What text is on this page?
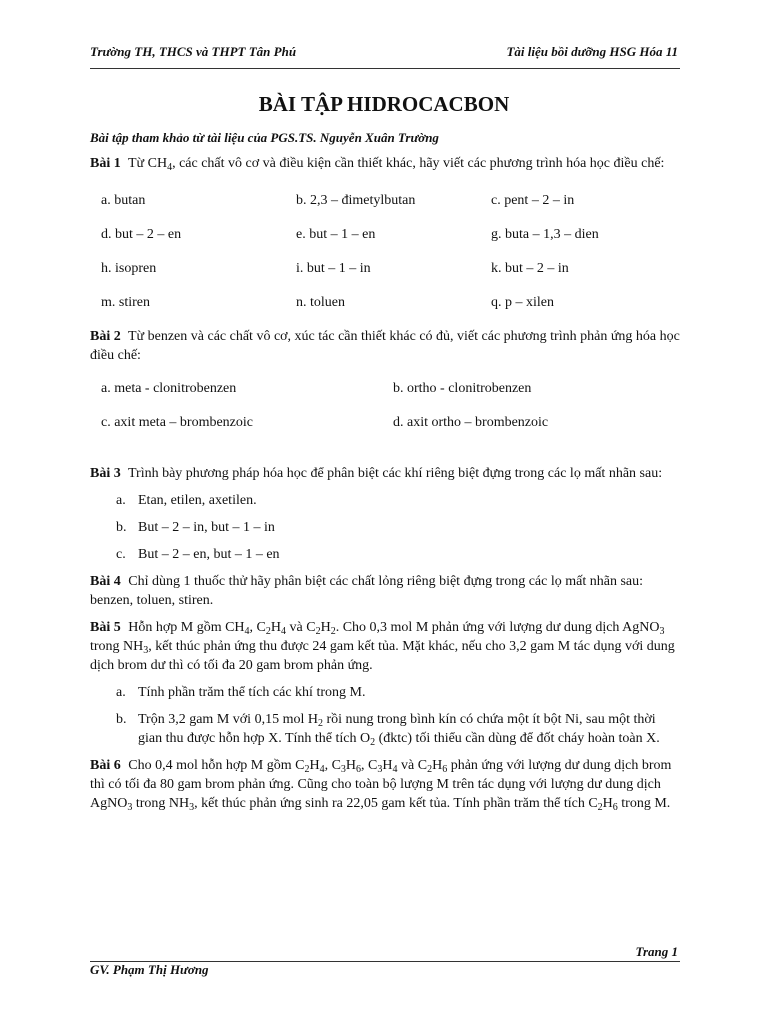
Trường TH, THCS và THPT Tân Phú	Tài liệu bồi dưỡng HSG Hóa 11
BÀI TẬP HIDROCACBON
Bài tập tham khảo từ tài liệu của PGS.TS. Nguyễn Xuân Trường

Bài 1 Từ $CH_4$, các chất vô cơ và điều kiện cần thiết khác, hãy viết các phương trình hóa học điều chế:

a. butan	b. 2,3 – đimetylbutan	c. pent – 2 – in
d. but – 2 – en	e. but – 1 – en	g. buta – 1,3 – dien
h. isopren	i. but – 1 – in	k. but – 2 – in
m. stiren	n. toluen	q. p – xilen

Bài 2 Từ benzen và các chất vô cơ, xúc tác cần thiết khác có đủ, viết các phương trình phản ứng hóa học điều chế:

a. meta - clonitrobenzen	b. ortho - clonitrobenzen
c. axit meta – brombenzoic	d. axit ortho – brombenzoic

Bài 3 Trình bày phương pháp hóa học để phân biệt các khí riêng biệt đựng trong các lọ mất nhãn sau:

a. Etan, etilen, axetilen.
b. But – 2 – in, but – 1 – in
c. But – 2 – en, but – 1 – en

Bài 4 Chỉ dùng 1 thuốc thử hãy phân biệt các chất lỏng riêng biệt đựng trong các lọ mất nhãn sau: benzen, toluen, stiren.

Bài 5 Hỗn hợp M gồm $CH_4$, $C_2H_4$ và $C_2H_2$. Cho 0,3 mol M phản ứng với lượng dư dung dịch AgNO$_3$ trong $NH_3$, kết thúc phản ứng thu được 24 gam kết tủa. Mặt khác, nếu cho 3,2 gam M tác dụng với dung dịch brom dư thì có tối đa 20 gam brom phản ứng.

a. Tính phần trăm thể tích các khí trong M.
b. Trộn 3,2 gam M với 0,15 mol $H_2$ rồi nung trong bình kín có chứa một ít bột Ni, sau một thời gian thu được hỗn hợp X. Tính thể tích $O_2$ (đktc) tối thiểu cần dùng để đốt cháy hoàn toàn X.

Bài 6 Cho 0,4 mol hỗn hợp M gồm $C_2H_4$, $C_3H_6$, $C_3H_4$ và $C_2H_6$ phản ứng với lượng dư dung dịch brom thì có tối đa 80 gam brom phản ứng. Cũng cho toàn bộ lượng M trên tác dụng với lượng dư dung dịch AgNO$_3$ trong $NH_3$, kết thúc phản ứng sinh ra 22,05 gam kết tủa. Tính phần trăm thể tích $C_2H_6$ trong M.

Trang 1
GV. Phạm Thị Hương
